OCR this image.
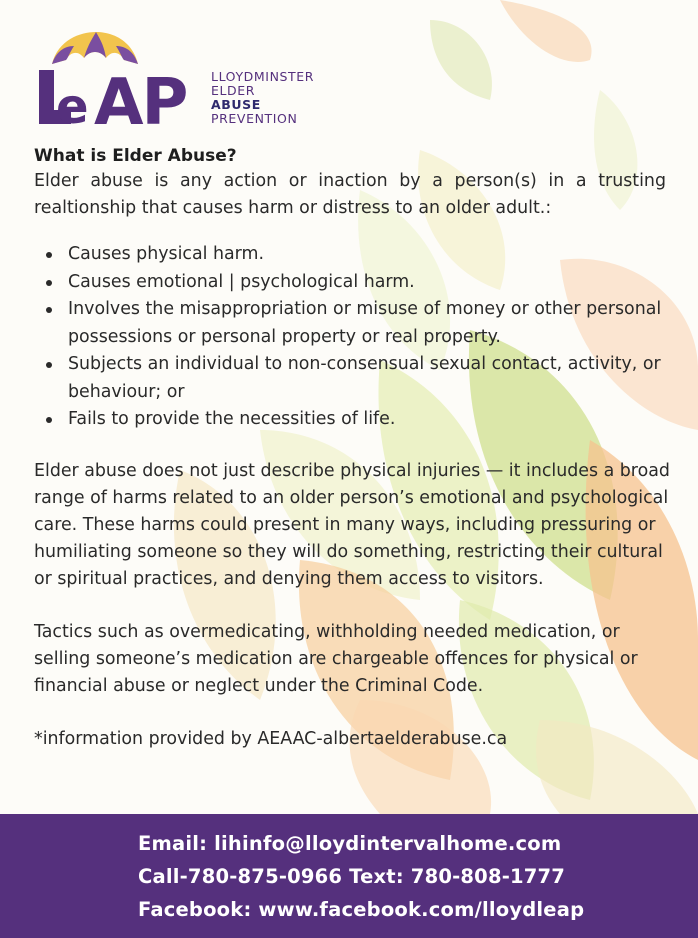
e AP LLOYDMINSTER
ELDER
ABUSE
PREVENTION
What is Elder Abuse?

Elder abuse is any action or inaction by a person(s) in a trusting realtionship that causes harm or distress to an older adult.:

Causes physical harm.
Causes emotional | psychological harm.
Involves the misappropriation or misuse of money or other personal possessions or personal property or real property.
Subjects an individual to non-consensual sexual contact, activity, or behaviour; or
Fails to provide the necessities of life.

Elder abuse does not just describe physical injuries — it includes a broad range of harms related to an older person’s emotional and psychological care. These harms could present in many ways, including pressuring or humiliating someone so they will do something, restricting their cultural or spiritual practices, and denying them access to visitors.

Tactics such as overmedicating, withholding needed medication, or selling someone’s medication are chargeable offences for physical or financial abuse or neglect under the Criminal Code.

*information provided by AEAAC-albertaelderabuse.ca

Email: lihinfo@lloydintervalhome.com
Call-780-875-0966 Text: 780-808-1777
Facebook: www.facebook.com/lloydleap
